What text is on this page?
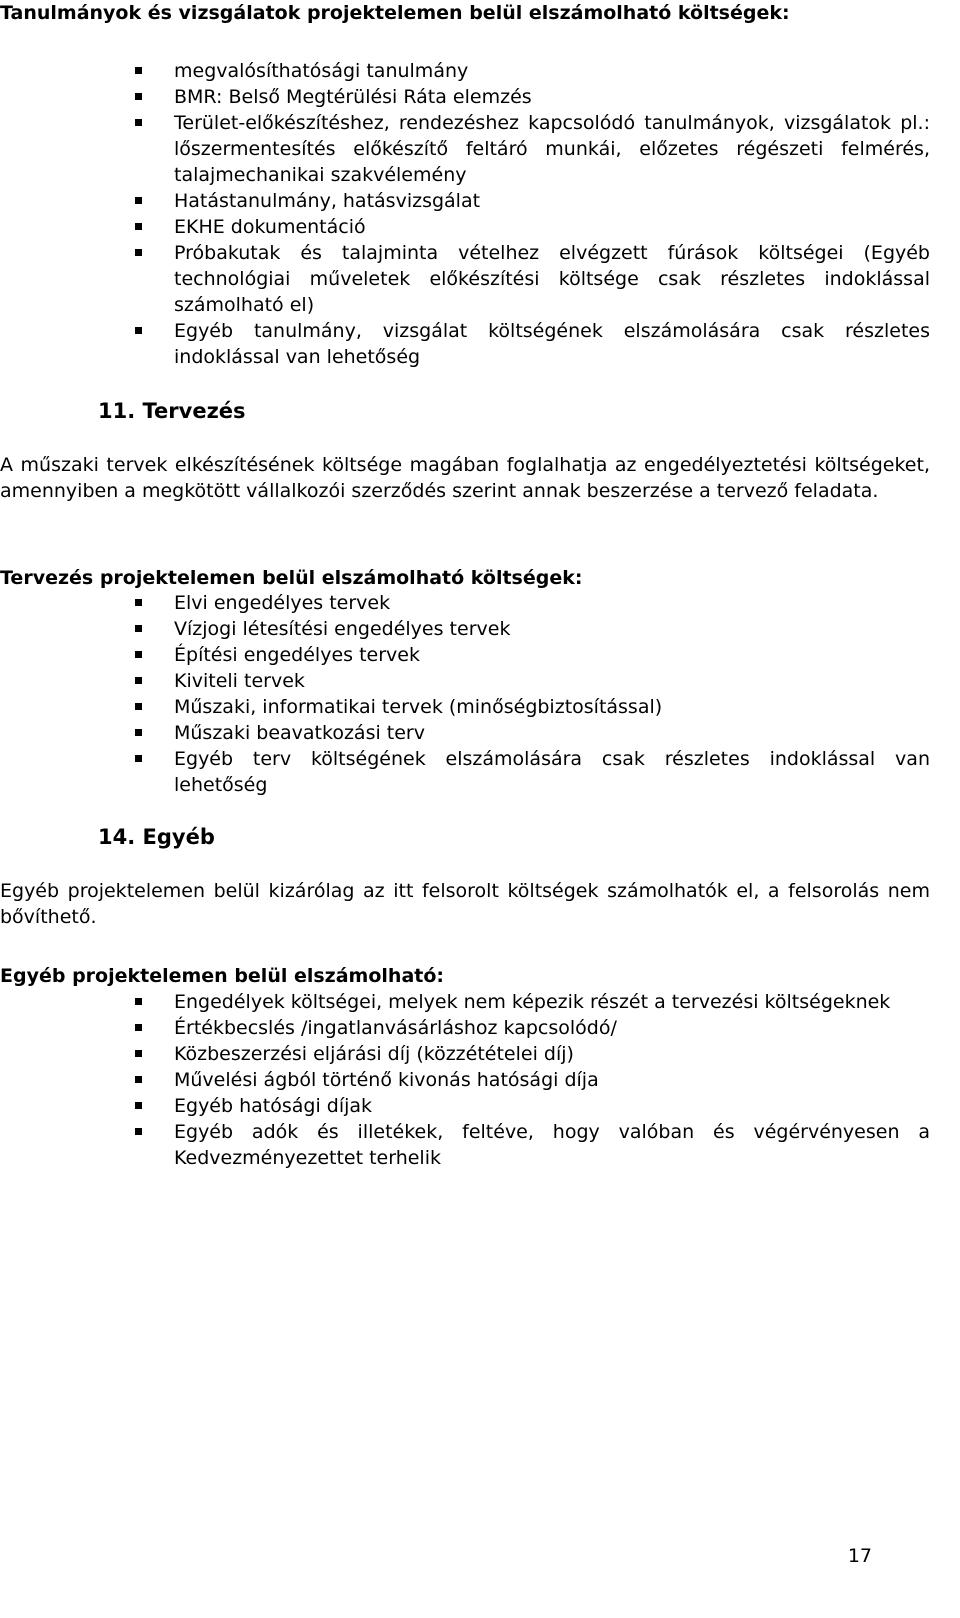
Tanulmányok és vizsgálatok projektelemen belül elszámolható költségek:
megvalósíthatósági tanulmány
BMR: Belső Megtérülési Ráta elemzés
Terület-előkészítéshez, rendezéshez kapcsolódó tanulmányok, vizsgálatok pl.: lőszermentesítés előkészítő feltáró munkái, előzetes régészeti felmérés, talajmechanikai szakvélemény
Hatástanulmány, hatásvizsgálat
EKHE dokumentáció
Próbakutak és talajminta vételhez elvégzett fúrások költségei (Egyéb technológiai műveletek előkészítési költsége csak részletes indoklással számolható el)
Egyéb tanulmány, vizsgálat költségének elszámolására csak részletes indoklással van lehetőség
11. Tervezés
A műszaki tervek elkészítésének költsége magában foglalhatja az engedélyeztetési költségeket, amennyiben a megkötött vállalkozói szerződés szerint annak beszerzése a tervező feladata.
Tervezés projektelemen belül elszámolható költségek:
Elvi engedélyes tervek
Vízjogi létesítési engedélyes tervek
Építési engedélyes tervek
Kiviteli tervek
Műszaki, informatikai tervek (minőségbiztosítással)
Műszaki beavatkozási terv
Egyéb terv költségének elszámolására csak részletes indoklással van lehetőség
14. Egyéb
Egyéb projektelemen belül kizárólag az itt felsorolt költségek számolhatók el, a felsorolás nem bővíthető.
Egyéb projektelemen belül elszámolható:
Engedélyek költségei, melyek nem képezik részét a tervezési költségeknek
Értékbecslés /ingatlanvásárláshoz kapcsolódó/
Közbeszerzési eljárási díj (közzétételei díj)
Művelési ágból történő kivonás hatósági díja
Egyéb hatósági díjak
Egyéb adók és illetékek, feltéve, hogy valóban és végérvényesen a Kedvezményezettet terhelik
17
